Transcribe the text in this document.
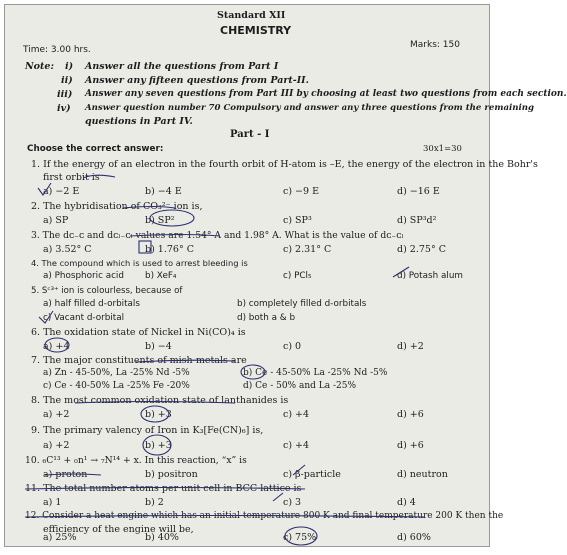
Standard XII
CHEMISTRY
Time: 3.00 hrs.	Marks: 150
Note: i) Answer all the questions from Part I
ii) Answer any fifteen questions from Part-II.
iii) Answer any seven questions from Part III by choosing at least two questions from each section.
iv) Answer question number 70 Compulsory and answer any three questions from the remaining
questions in Part IV.
Part - I
Choose the correct answer:	30x1=30
1. If the energy of an electron in the fourth orbit of H-atom is –E, the energy of the electron in the Bohr's
first orbit is
a) −2 E	b) −4 E	c) −9 E	d) −16 E
2. The hybridisation of CO₃²⁻ ion is,
a) SP	b) SP²	c) SP³	d) SP³d²
3. The dᴄ₋ᴄ and dᴄₗ₋ᴄₗ values are 1.54° A and 1.98° A. What is the value of dᴄ₋ᴄₗ
a) 3.52° C	b) 1.76° C	c) 2.31° C	d) 2.75° C
4. The compound which is used to arrest bleeding is
a) Phosphoric acid b) XeF₄	c) PCl₅	d) Potash alum
5. Sᶜ³⁺ ion is colourless, because of
a) half filled d-orbitals	b) completely filled d-orbitals
c) Vacant d-orbital	d) both a & b
6. The oxidation state of Nickel in Ni(CO)₄ is
a) +4	b) −4	c) 0	d) +2
7. The major constituents of mish-metals are
a) Zn - 45-50%, La -25% Nd -5%	b) Ce - 45-50% La -25% Nd -5%
c) Ce - 40-50% La -25% Fe -20%	d) Ce - 50% and La -25%
8. The most common oxidation state of lanthanides is
a) +2	b) +3	c) +4	d) +6
9. The primary valency of Iron in K₃[Fe(CN)₆] is,
a) +2	b) +3	c) +4	d) +6
10. ₆C¹³ + ₀n¹ → ₇N¹⁴ + x. In this reaction, “x” is
a) proton	b) positron	c) β-particle	d) neutron
11. The total number atoms per unit cell in BCC lattice is
a) 1	b) 2	c) 3	d) 4
12. Consider a heat engine which has an initial temperature 800 K and final temperature 200 K then the
efficiency of the engine will be,
a) 25%	b) 40%	c) 75%	d) 60%
